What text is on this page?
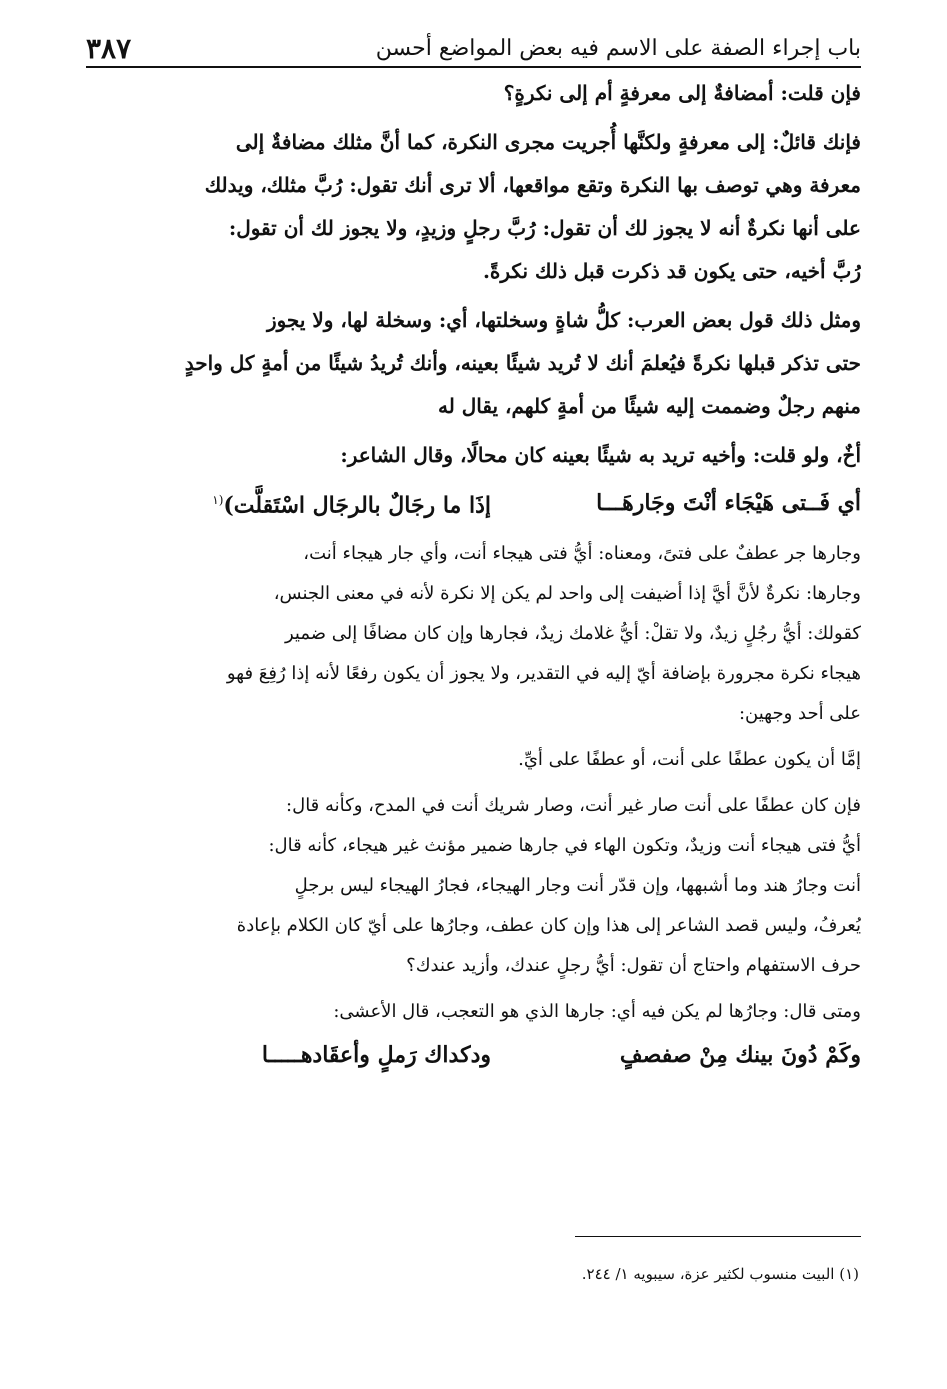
باب إجراء الصفة على الاسم فيه بعض المواضع أحسن
٣٨٧
فإن قلت: أمضافةٌ إلى معرفةٍ أم إلى نكرةٍ؟
فإنك قائلٌ: إلى معرفةٍ ولكنَّها أُجريت مجرى النكرة، كما أنَّ مثلك مضافةٌ إلى
معرفة وهي توصف بها النكرة وتقع مواقعها، ألا ترى أنك تقول: رُبَّ مثلك، ويدلك
على أنها نكرةٌ أنه لا يجوز لك أن تقول: رُبَّ رجلٍ وزيدٍ، ولا يجوز لك أن تقول:
رُبَّ أخيه، حتى يكون قد ذكرت قبل ذلك نكرةً.
ومثل ذلك قول بعض العرب: كلُّ شاةٍ وسخلتها، أي: وسخلة لها، ولا يجوز
حتى تذكر قبلها نكرةً فيُعلمَ أنك لا تُريد شيئًا بعينه، وأنك تُريدُ شيئًا من أمةٍ كل واحدٍ
منهم رجلٌ وضممت إليه شيئًا من أمةٍ كلهم، يقال له
أخٌ، ولو قلت: وأخيه تريد به شيئًا بعينه كان محالًا، وقال الشاعر:
أي فَــتى هَيْجَاء أنْتَ وجَارهَـــا
إذَا ما رجَالٌ بالرجَال اسْتَقلَّت)$^{(١}$
وجارها جر عطفٌ على فتىً، ومعناه: أيُّ فتى هيجاء أنت، وأي جار هيجاء أنت،
وجارها: نكرةٌ لأنَّ أيَّ إذا أضيفت إلى واحد لم يكن إلا نكرة لأنه في معنى الجنس،
كقولك: أيُّ رجُلٍ زيدٌ، ولا تقلْ: أيُّ غلامك زيدٌ، فجارها وإن كان مضافًا إلى ضمير
هيجاء نكرة مجرورة بإضافة أيّ إليه في التقدير، ولا يجوز أن يكون رفعًا لأنه إذا رُفِعَ فهو
على أحد وجهين:
إمَّا أن يكون عطفًا على أنت، أو عطفًا على أيِّ.
فإن كان عطفًا على أنت صار غير أنت، وصار شريك أنت في المدح، وكأنه قال:
أيُّ فتى هيجاء أنت وزيدٌ، وتكون الهاء في جارها ضمير مؤنث غير هيجاء، كأنه قال:
أنت وجارُ هند وما أشبهها، وإن قدّر أنت وجار الهيجاء، فجارُ الهيجاء ليس برجلٍ
يُعرفُ، وليس قصد الشاعر إلى هذا وإن كان عطف، وجارُها على أيّ كان الكلام بإعادة
حرف الاستفهام واحتاج أن تقول: أيُّ رجلٍ عندك، وأزيد عندك؟
ومتى قال: وجارُها لم يكن فيه أي: جارها الذي هو التعجب، قال الأعشى:
وكَمْ دُونَ بينك مِنْ صفصفٍ
ودكداك رَملٍ وأعقَادهـــــا
(١) البيت منسوب لكثير عزة، سيبويه ١/ ٢٤٤.
